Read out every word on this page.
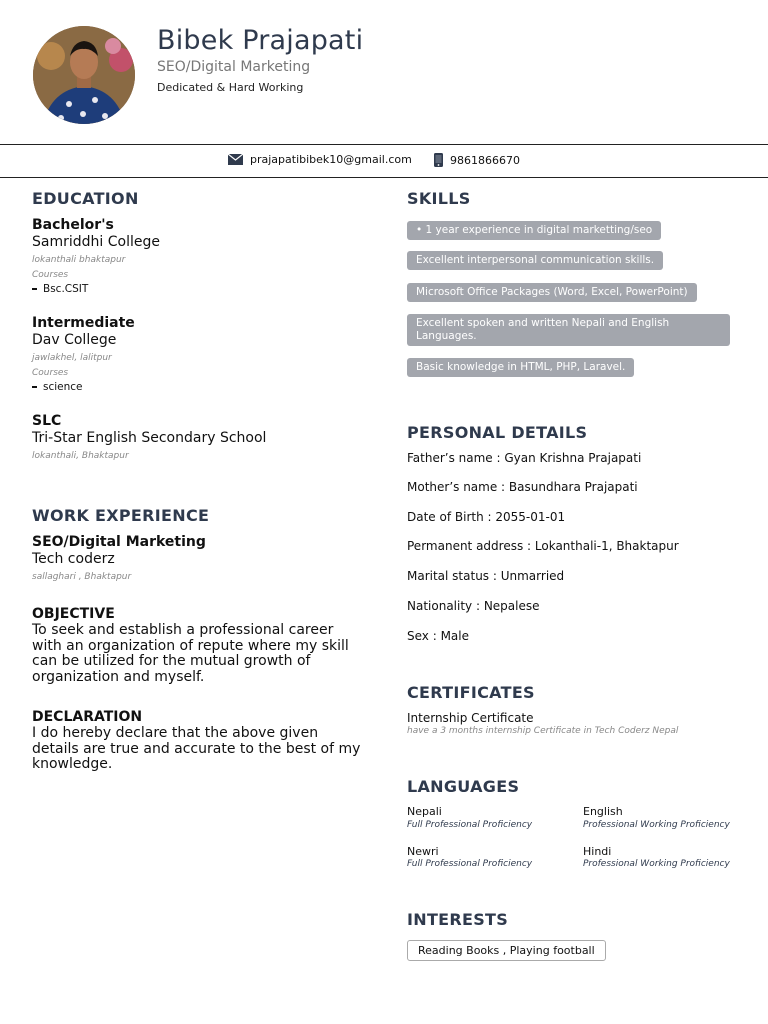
Bibek Prajapati
SEO/Digital Marketing
Dedicated & Hard Working
prajapatibibek10@gmail.com	9861866670
EDUCATION
Bachelor's
Samriddhi College
lokanthali bhaktapur
Courses
Bsc.CSIT
Intermediate
Dav College
jawlakhel, lalitpur
Courses
science
SLC
Tri-Star English Secondary School
lokanthali, Bhaktapur
WORK EXPERIENCE
SEO/Digital Marketing
Tech coderz
sallaghari , Bhaktapur
OBJECTIVE
To seek and establish a professional career
with an organization of repute where my skill
can be utilized for the mutual growth of
organization and myself.
DECLARATION
I do hereby declare that the above given
details are true and accurate to the best of my
knowledge.
SKILLS
• 1 year experience in digital marketting/seo
Excellent interpersonal communication skills.
Microsoft Office Packages (Word, Excel, PowerPoint)
Excellent spoken and written Nepali and English Languages.
Basic knowledge in HTML, PHP, Laravel.
PERSONAL DETAILS
Father’s name : Gyan Krishna Prajapati
Mother’s name : Basundhara Prajapati
Date of Birth : 2055-01-01
Permanent address : Lokanthali-1, Bhaktapur
Marital status : Unmarried
Nationality : Nepalese
Sex : Male
CERTIFICATES
Internship Certificate
have a 3 months internship Certificate in Tech Coderz Nepal
LANGUAGES
Nepali
Full Professional Proficiency
English
Professional Working Proficiency
Newri
Full Professional Proficiency
Hindi
Professional Working Proficiency
INTERESTS
Reading Books , Playing football
